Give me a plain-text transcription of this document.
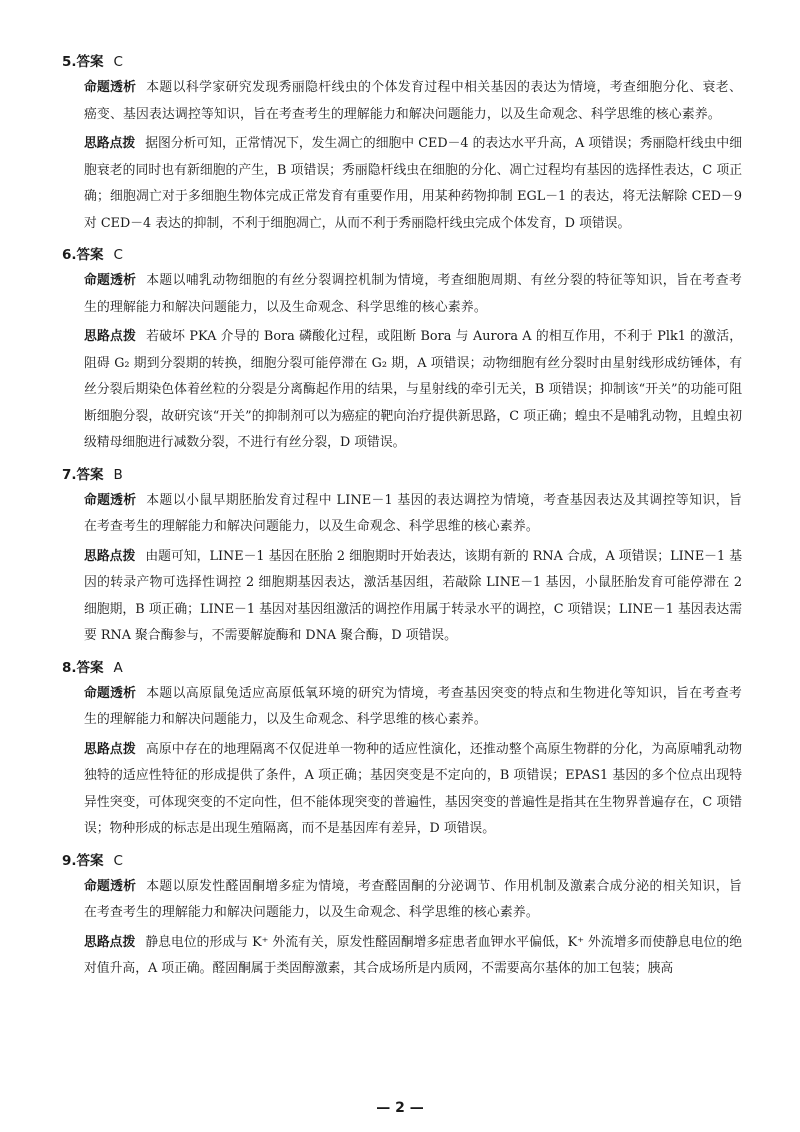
5.答案 C

命题透析 本题以科学家研究发现秀丽隐杆线虫的个体发育过程中相关基因的表达为情境，考查细胞分化、衰老、癌变、基因表达调控等知识，旨在考查考生的理解能力和解决问题能力，以及生命观念、科学思维的核心素养。

思路点拨 据图分析可知，正常情况下，发生凋亡的细胞中 CED－4 的表达水平升高，A 项错误；秀丽隐杆线虫中细胞衰老的同时也有新细胞的产生，B 项错误；秀丽隐杆线虫在细胞的分化、凋亡过程均有基因的选择性表达，C 项正确；细胞凋亡对于多细胞生物体完成正常发育有重要作用，用某种药物抑制 EGL－1 的表达，将无法解除 CED－9 对 CED－4 表达的抑制，不利于细胞凋亡，从而不利于秀丽隐杆线虫完成个体发育，D 项错误。

6.答案 C

命题透析 本题以哺乳动物细胞的有丝分裂调控机制为情境，考查细胞周期、有丝分裂的特征等知识，旨在考查考生的理解能力和解决问题能力，以及生命观念、科学思维的核心素养。

思路点拨 若破坏 PKA 介导的 Bora 磷酸化过程，或阻断 Bora 与 Aurora A 的相互作用，不利于 Plk1 的激活，阻碍 G₂ 期到分裂期的转换，细胞分裂可能停滞在 G₂ 期，A 项错误；动物细胞有丝分裂时由星射线形成纺锤体，有丝分裂后期染色体着丝粒的分裂是分离酶起作用的结果，与星射线的牵引无关，B 项错误；抑制该“开关”的功能可阻断细胞分裂，故研究该“开关”的抑制剂可以为癌症的靶向治疗提供新思路，C 项正确；蝗虫不是哺乳动物，且蝗虫初级精母细胞进行减数分裂，不进行有丝分裂，D 项错误。

7.答案 B

命题透析 本题以小鼠早期胚胎发育过程中 LINE－1 基因的表达调控为情境，考查基因表达及其调控等知识，旨在考查考生的理解能力和解决问题能力，以及生命观念、科学思维的核心素养。

思路点拨 由题可知，LINE－1 基因在胚胎 2 细胞期时开始表达，该期有新的 RNA 合成，A 项错误；LINE－1 基因的转录产物可选择性调控 2 细胞期基因表达，激活基因组，若敲除 LINE－1 基因，小鼠胚胎发育可能停滞在 2 细胞期，B 项正确；LINE－1 基因对基因组激活的调控作用属于转录水平的调控，C 项错误；LINE－1 基因表达需要 RNA 聚合酶参与，不需要解旋酶和 DNA 聚合酶，D 项错误。

8.答案 A

命题透析 本题以高原鼠兔适应高原低氧环境的研究为情境，考查基因突变的特点和生物进化等知识，旨在考查考生的理解能力和解决问题能力，以及生命观念、科学思维的核心素养。

思路点拨 高原中存在的地理隔离不仅促进单一物种的适应性演化，还推动整个高原生物群的分化，为高原哺乳动物独特的适应性特征的形成提供了条件，A 项正确；基因突变是不定向的，B 项错误；EPAS1 基因的多个位点出现特异性突变，可体现突变的不定向性，但不能体现突变的普遍性，基因突变的普遍性是指其在生物界普遍存在，C 项错误；物种形成的标志是出现生殖隔离，而不是基因库有差异，D 项错误。

9.答案 C

命题透析 本题以原发性醛固酮增多症为情境，考查醛固酮的分泌调节、作用机制及激素合成分泌的相关知识，旨在考查考生的理解能力和解决问题能力，以及生命观念、科学思维的核心素养。

思路点拨 静息电位的形成与 K⁺ 外流有关，原发性醛固酮增多症患者血钾水平偏低，K⁺ 外流增多而使静息电位的绝对值升高，A 项正确。醛固酮属于类固醇激素，其合成场所是内质网，不需要高尔基体的加工包装；胰高

— 2 —
